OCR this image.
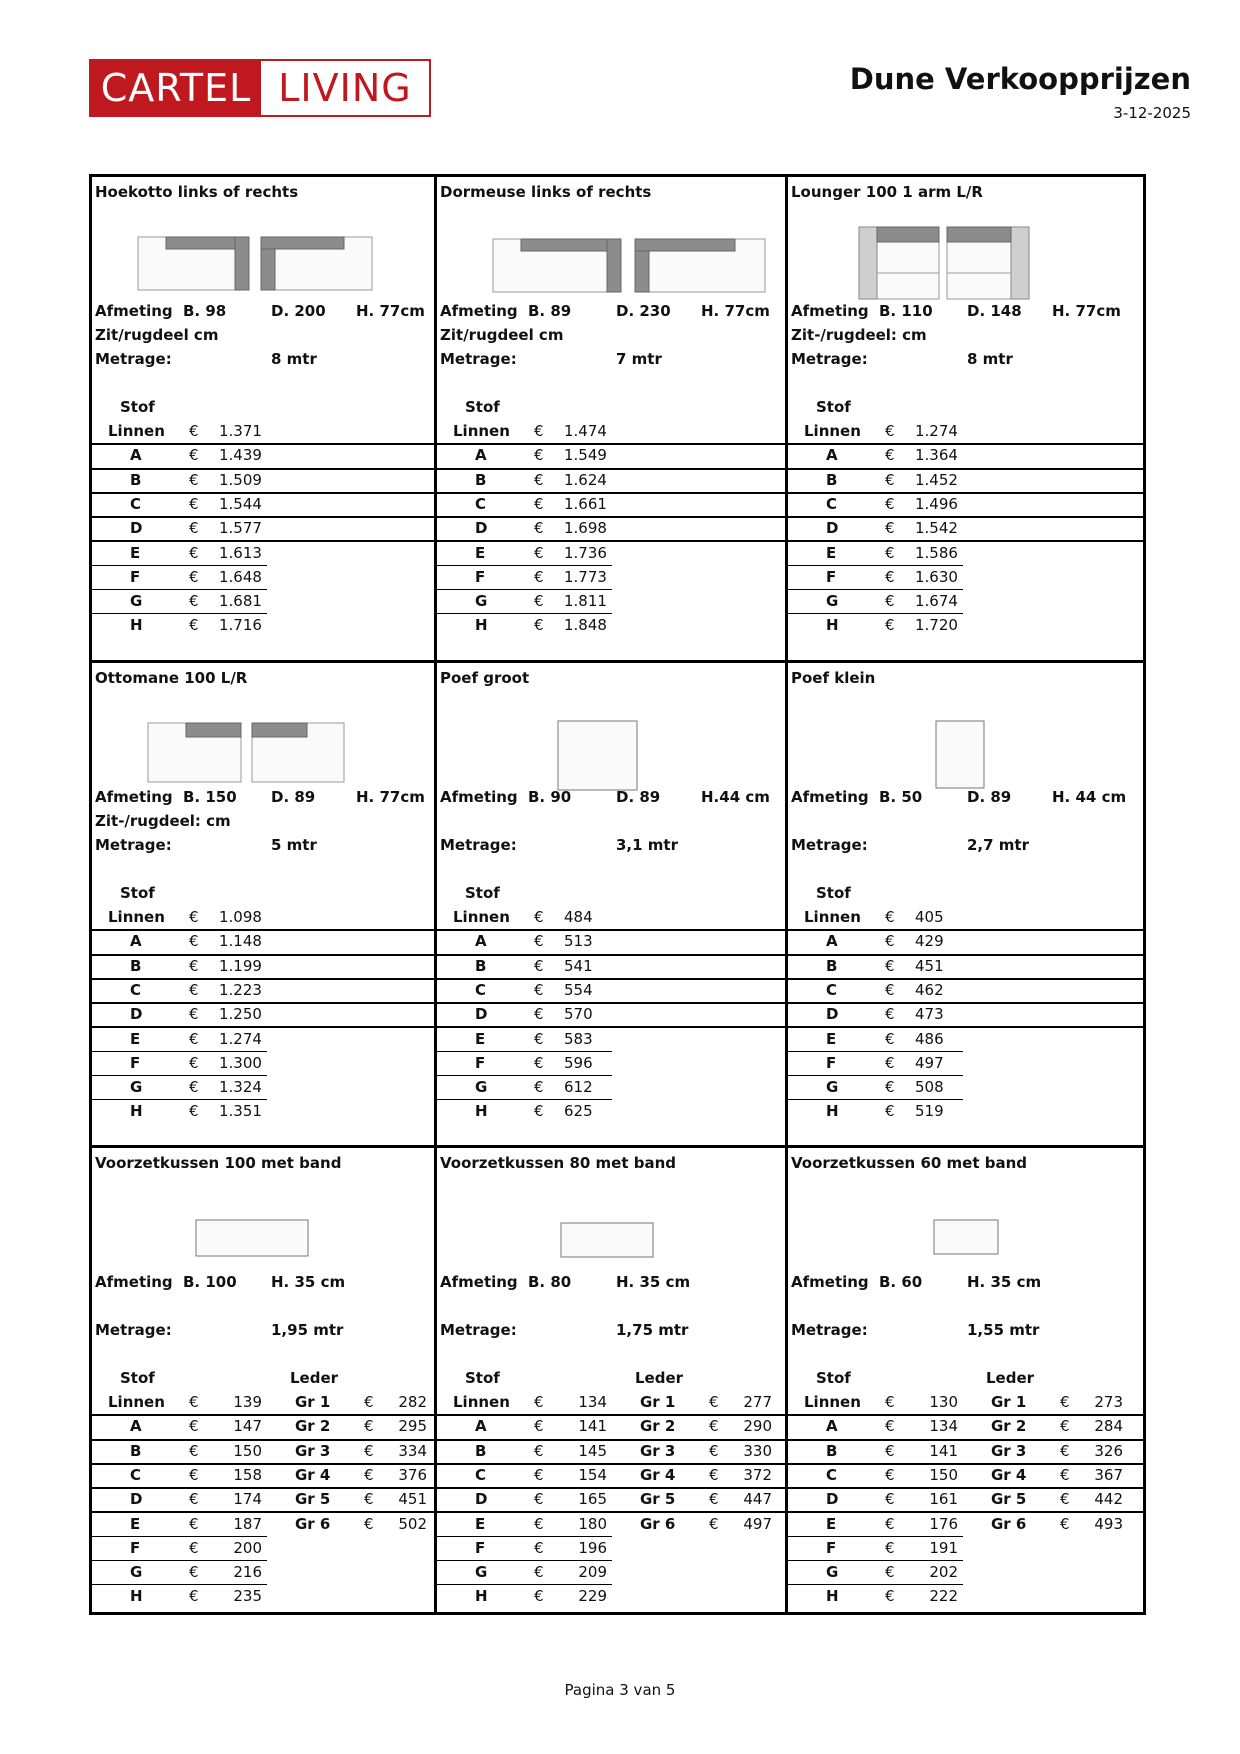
CARTEL LIVING	Dune Verkoopprijzen
3-12-2025
Hoekotto links of rechts
Afmeting B. 98	D. 200 H. 77cm
Zit/rugdeel cm
Metrage:	8 mtr
Stof
Linnen € 1.371
A	€ 1.439
B	€ 1.509
C	€ 1.544
D	€ 1.577
E	€ 1.613
F	€ 1.648
G	€ 1.681
H	€ 1.716
Dormeuse links of rechts
Afmeting B. 89	D. 230 H. 77cm
Zit/rugdeel cm
Metrage:	7 mtr
Stof
Linnen € 1.474
A	€ 1.549
B	€ 1.624
C	€ 1.661
D	€ 1.698
E	€ 1.736
F	€ 1.773
G	€ 1.811
H	€ 1.848
Lounger 100 1 arm L/R
Afmeting B. 110 D. 148 H. 77cm
Zit-/rugdeel: cm
Metrage:	8 mtr
Stof
Linnen € 1.274
A	€ 1.364
B	€ 1.452
C	€ 1.496
D	€ 1.542
E	€ 1.586
F	€ 1.630
G	€ 1.674
H	€ 1.720
Ottomane 100 L/R
Afmeting B. 150 D. 89	H. 77cm
Zit-/rugdeel: cm
Metrage:	5 mtr
Stof
Linnen € 1.098
A	€ 1.148
B	€ 1.199
C	€ 1.223
D	€ 1.250
E	€ 1.274
F	€ 1.300
G	€ 1.324
H	€ 1.351
Poef groot
Afmeting B. 90	D. 89	H.44 cm
Metrage:	3,1 mtr
Stof
Linnen € 484
A	€ 513
B	€ 541
C	€ 554
D	€ 570
E	€ 583
F	€ 596
G	€ 612
H	€ 625
Poef klein
Afmeting B. 50	D. 89	H. 44 cm
Metrage:	2,7 mtr
Stof
Linnen € 405
A	€ 429
B	€ 451
C	€ 462
D	€ 473
E	€ 486
F	€ 497
G	€ 508
H	€ 519
Voorzetkussen 100 met band
Afmeting B. 100 H. 35 cm
Metrage:	1,95 mtr
Stof	Leder
Linnen € 139 Gr 1 € 282
A	€ 147 Gr 2 € 295
B	€ 150 Gr 3 € 334
C	€ 158 Gr 4 € 376
D	€ 174 Gr 5 € 451
E	€ 187 Gr 6 € 502
F	€ 200
G	€ 216
H	€ 235
Voorzetkussen 80 met band
Afmeting B. 80	H. 35 cm
Metrage:	1,75 mtr
Stof	Leder
Linnen € 134 Gr 1 € 277
A	€ 141 Gr 2 € 290
B	€ 145 Gr 3 € 330
C	€ 154 Gr 4 € 372
D	€ 165 Gr 5 € 447
E	€ 180 Gr 6 € 497
F	€ 196
G	€ 209
H	€ 229
Voorzetkussen 60 met band
Afmeting B. 60	H. 35 cm
Metrage:	1,55 mtr
Stof	Leder
Linnen € 130 Gr 1 € 273
A	€ 134 Gr 2 € 284
B	€ 141 Gr 3 € 326
C	€ 150 Gr 4 € 367
D	€ 161 Gr 5 € 442
E	€ 176 Gr 6 € 493
F	€ 191
G	€ 202
H	€ 222
Pagina 3 van 5
